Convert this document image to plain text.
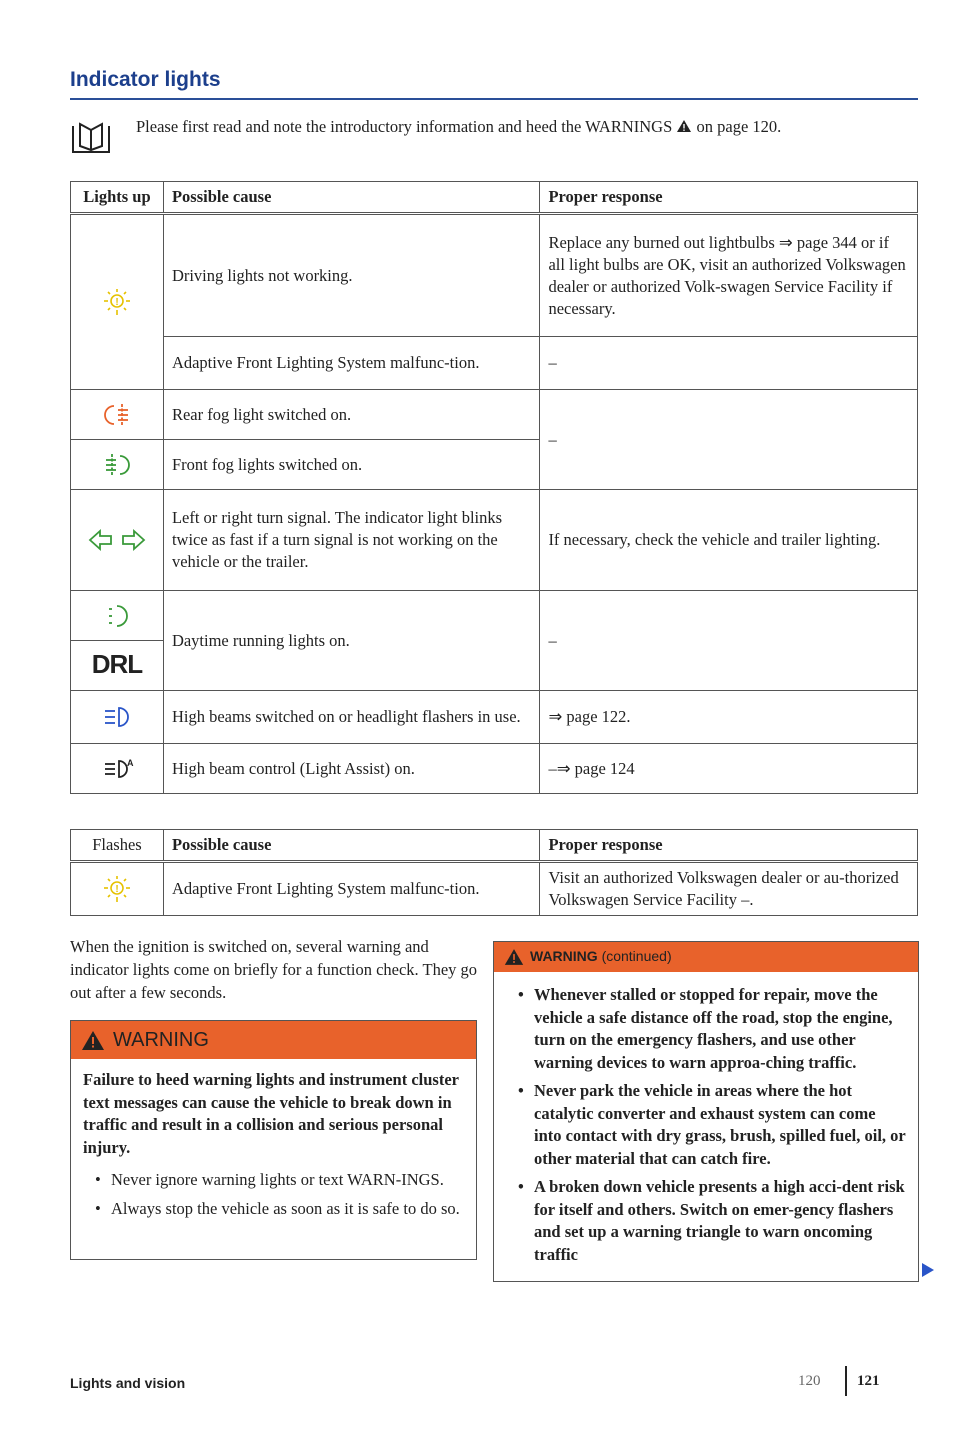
Indicator lights
Please first read and note the introductory information and heed the WARNINGS on page 120.
Lights up	Possible cause	Proper response

!	Driving lights not working.	Replace any burned out lightbulbs ⇒ page 344 or if all light bulbs are OK, visit an authorized Volkswagen dealer or authorized Volk-swagen Service Facility if necessary.
	Adaptive Front Lighting System malfunc-tion.	–

	Rear fog light switched on.	–

	Front fog lights switched on.	

	Left or right turn signal. The indicator light blinks twice as fast if a turn signal is not working on the vehicle or the trailer.	If necessary, check the vehicle and trailer lighting.

	Daytime running lights on.	–
DRL		

	High beams switched on or headlight flashers in use.	⇒ page 122.

A	High beam control (Light Assist) on.	–⇒ page 124
Flashes	Possible cause	Proper response

!	Adaptive Front Lighting System malfunc-tion.	Visit an authorized Volkswagen dealer or au-thorized Volkswagen Service Facility –.
When the ignition is switched on, several warning and indicator lights come on briefly for a function check. They go out after a few seconds.
WARNING

Failure to heed warning lights and instrument cluster text messages can cause the vehicle to break down in traffic and result in a collision and serious personal injury.

• Never ignore warning lights or text WARN-INGS.
• Always stop the vehicle as soon as it is safe to do so.
WARNING (continued)
• Whenever stalled or stopped for repair, move the vehicle a safe distance off the road, stop the engine, turn on the emergency flashers, and use other warning devices to warn approa-ching traffic.
• Never park the vehicle in areas where the hot catalytic converter and exhaust system can come into contact with dry grass, brush, spilled fuel, oil, or other material that can catch fire.
• A broken down vehicle presents a high acci-dent risk for itself and others. Switch on emer-gency flashers and set up a warning triangle to warn oncoming traffic
Lights and vision	120 121
